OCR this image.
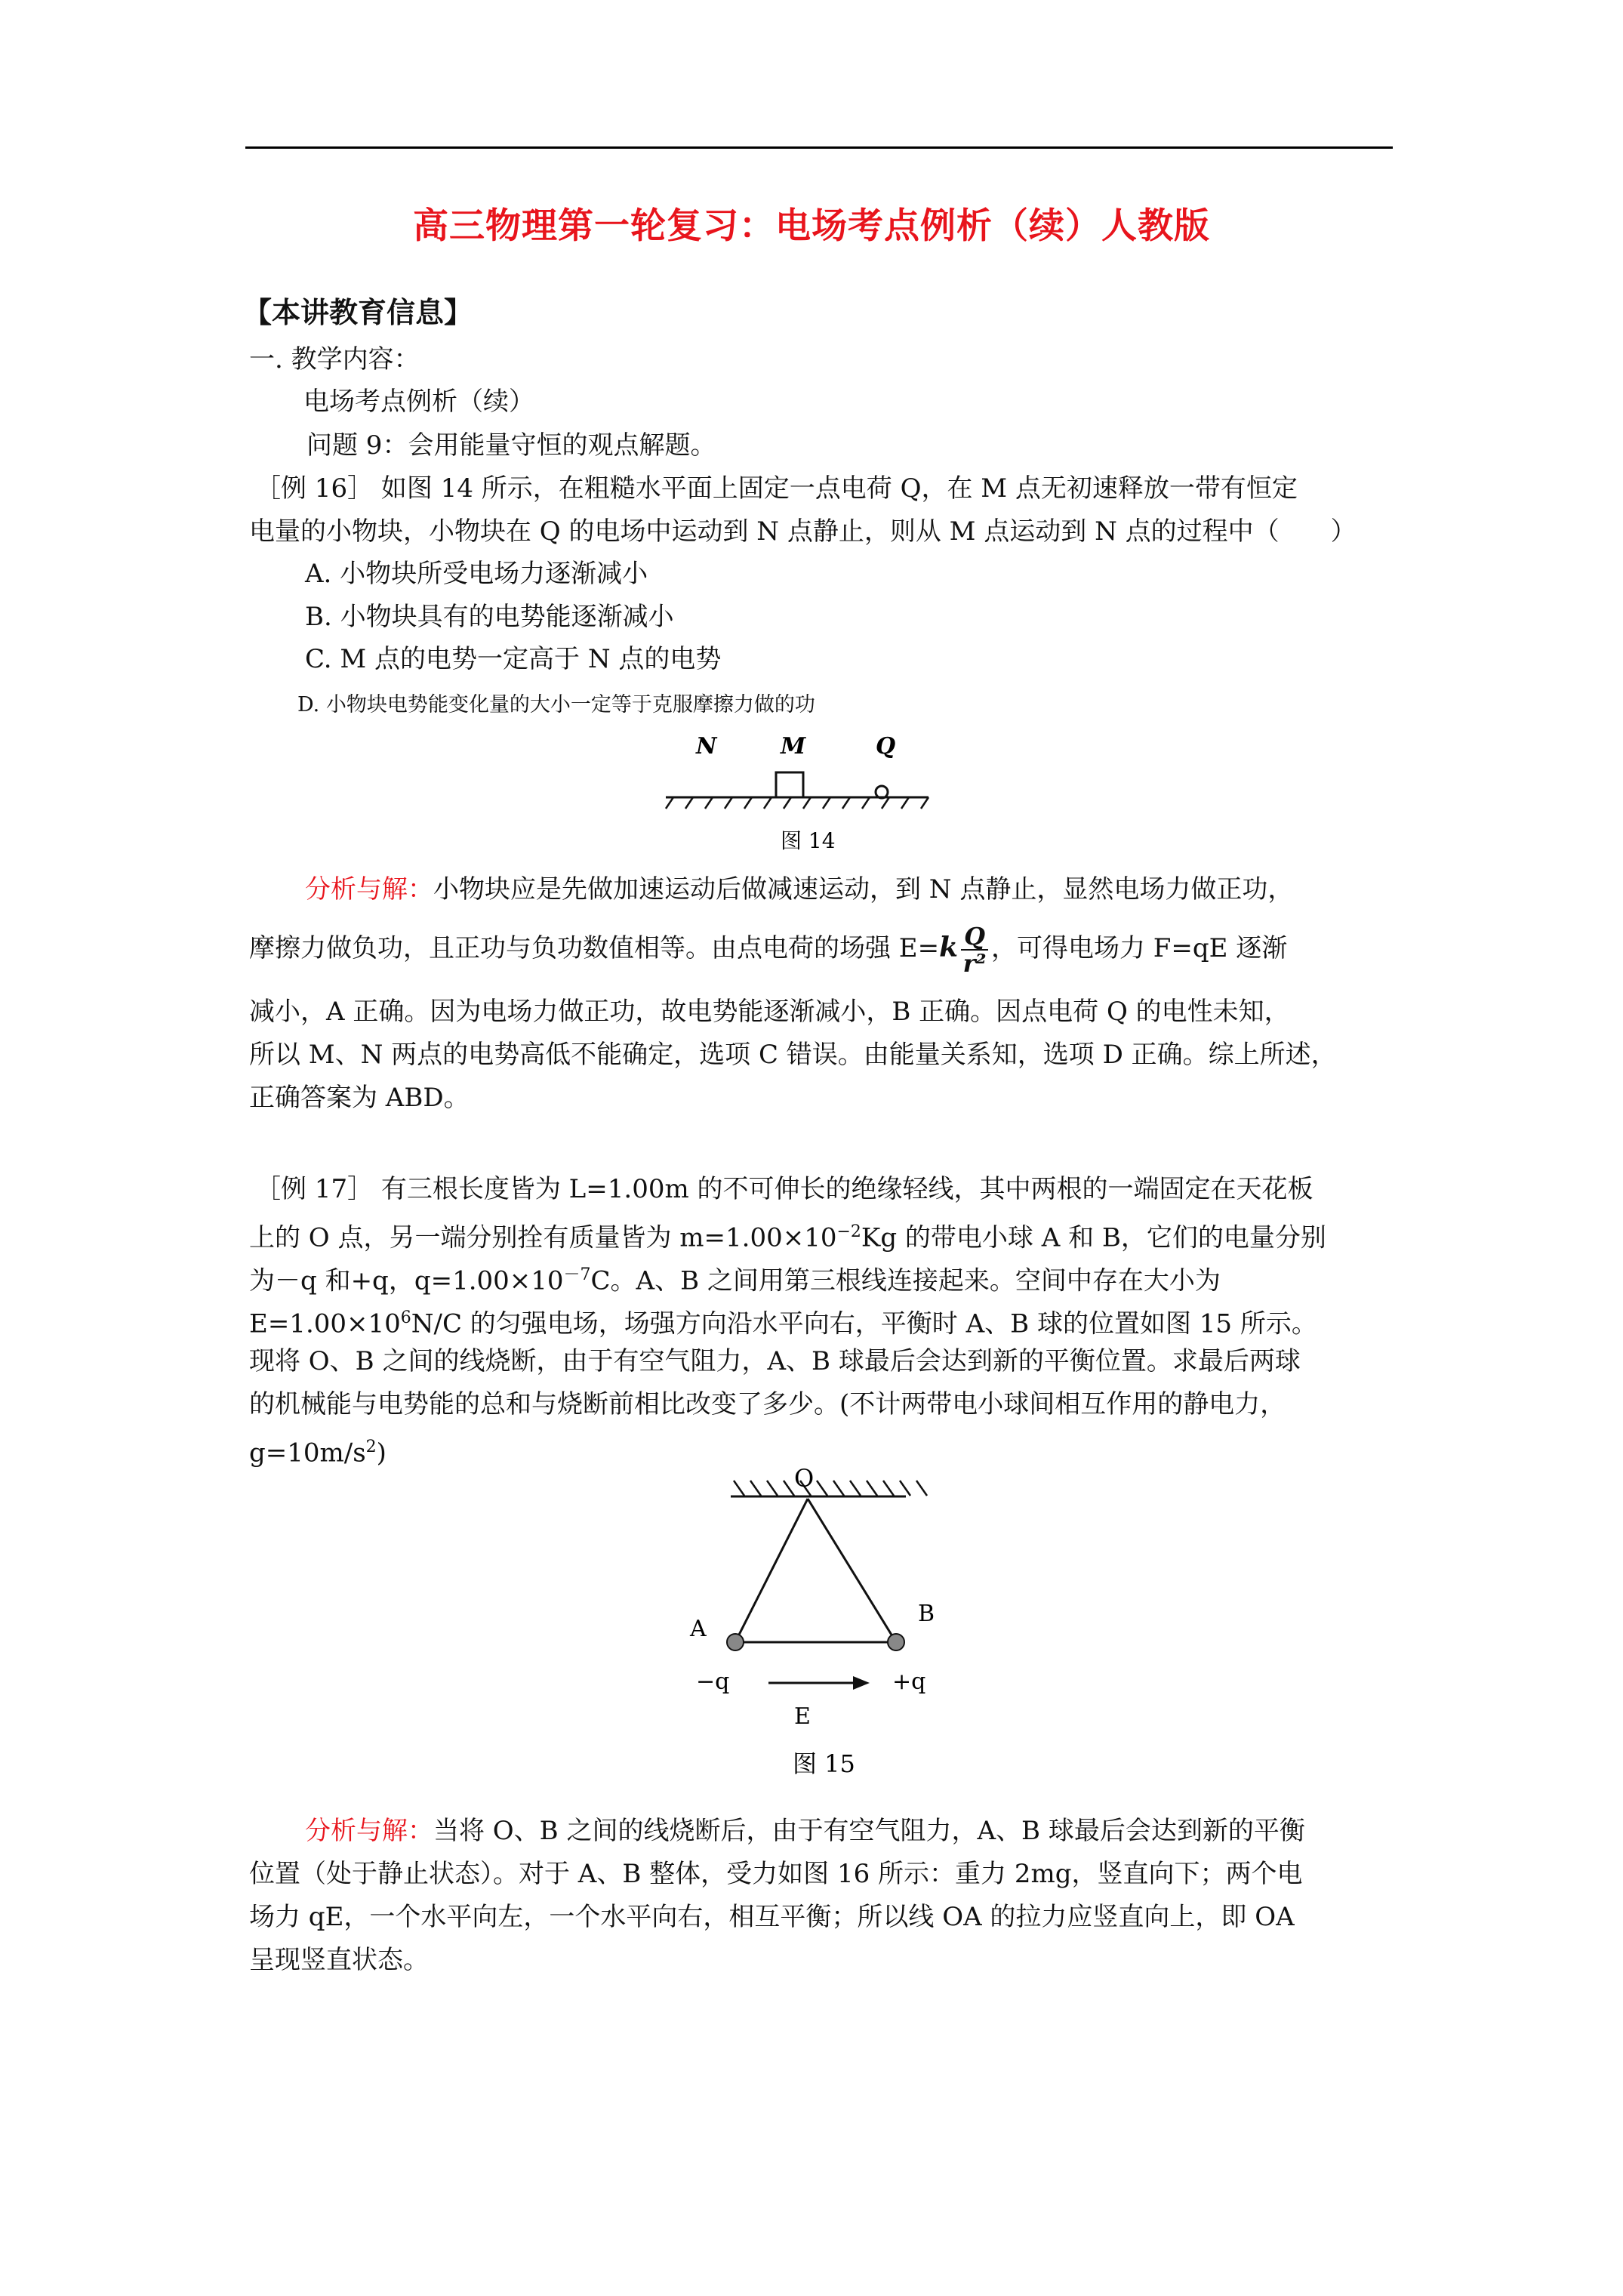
高三物理第一轮复习：电场考点例析（续）人教版
【本讲教育信息】
一. 教学内容：
电场考点例析（续）
问题 9：会用能量守恒的观点解题。
［例 16］ 如图 14 所示，在粗糙水平面上固定一点电荷 Q，在 M 点无初速释放一带有恒定
电量的小物块，小物块在 Q 的电场中运动到 N 点静止，则从 M 点运动到 N 点的过程中（　　）
A. 小物块所受电场力逐渐减小
B. 小物块具有的电势能逐渐减小
C. M 点的电势一定高于 N 点的电势
D. 小物块电势能变化量的大小一定等于克服摩擦力做的功
N	M	Q
图 14
分析与解：小物块应是先做加速运动后做减速运动，到 N 点静止，显然电场力做正功，
摩擦力做负功，且正功与负功数值相等。由点电荷的场强 $E=k \frac{Q}{\text{r²}}$ ，可得电场力 F=qE 逐渐
减小，A 正确。因为电场力做正功，故电势能逐渐减小，B 正确。因点电荷 Q 的电性未知，
所以 M、N 两点的电势高低不能确定，选项 C 错误。由能量关系知，选项 D 正确。综上所述，
正确答案为 ABD。
［例 17］ 有三根长度皆为 L=1.00m 的不可伸长的绝缘轻线，其中两根的一端固定在天花板
上的 O 点，另一端分别拴有质量皆为 $m=1.00\times 10^{-2}Kg$ 的带电小球 A 和 B，它们的电量分别
为－q 和+q，$q=1.00\times 10^{-7}C$。A、B 之间用第三根线连接起来。空间中存在大小为
$E=1.00\times 10^6N/C$ 的匀强电场，场强方向沿水平向右，平衡时 A、B 球的位置如图 15 所示。
现将 O、B 之间的线烧断，由于有空气阻力，A、B 球最后会达到新的平衡位置。求最后两球
的机械能与电势能的总和与烧断前相比改变了多少。(不计两带电小球间相互作用的静电力，
$g=10m/s^2$)
O
A
B
−q	+q
E
图 15
分析与解：当将 O、B 之间的线烧断后，由于有空气阻力，A、B 球最后会达到新的平衡
位置（处于静止状态）。对于 A、B 整体，受力如图 16 所示：重力 2mg，竖直向下；两个电
场力 qE，一个水平向左，一个水平向右，相互平衡；所以线 OA 的拉力应竖直向上，即 OA
呈现竖直状态。
